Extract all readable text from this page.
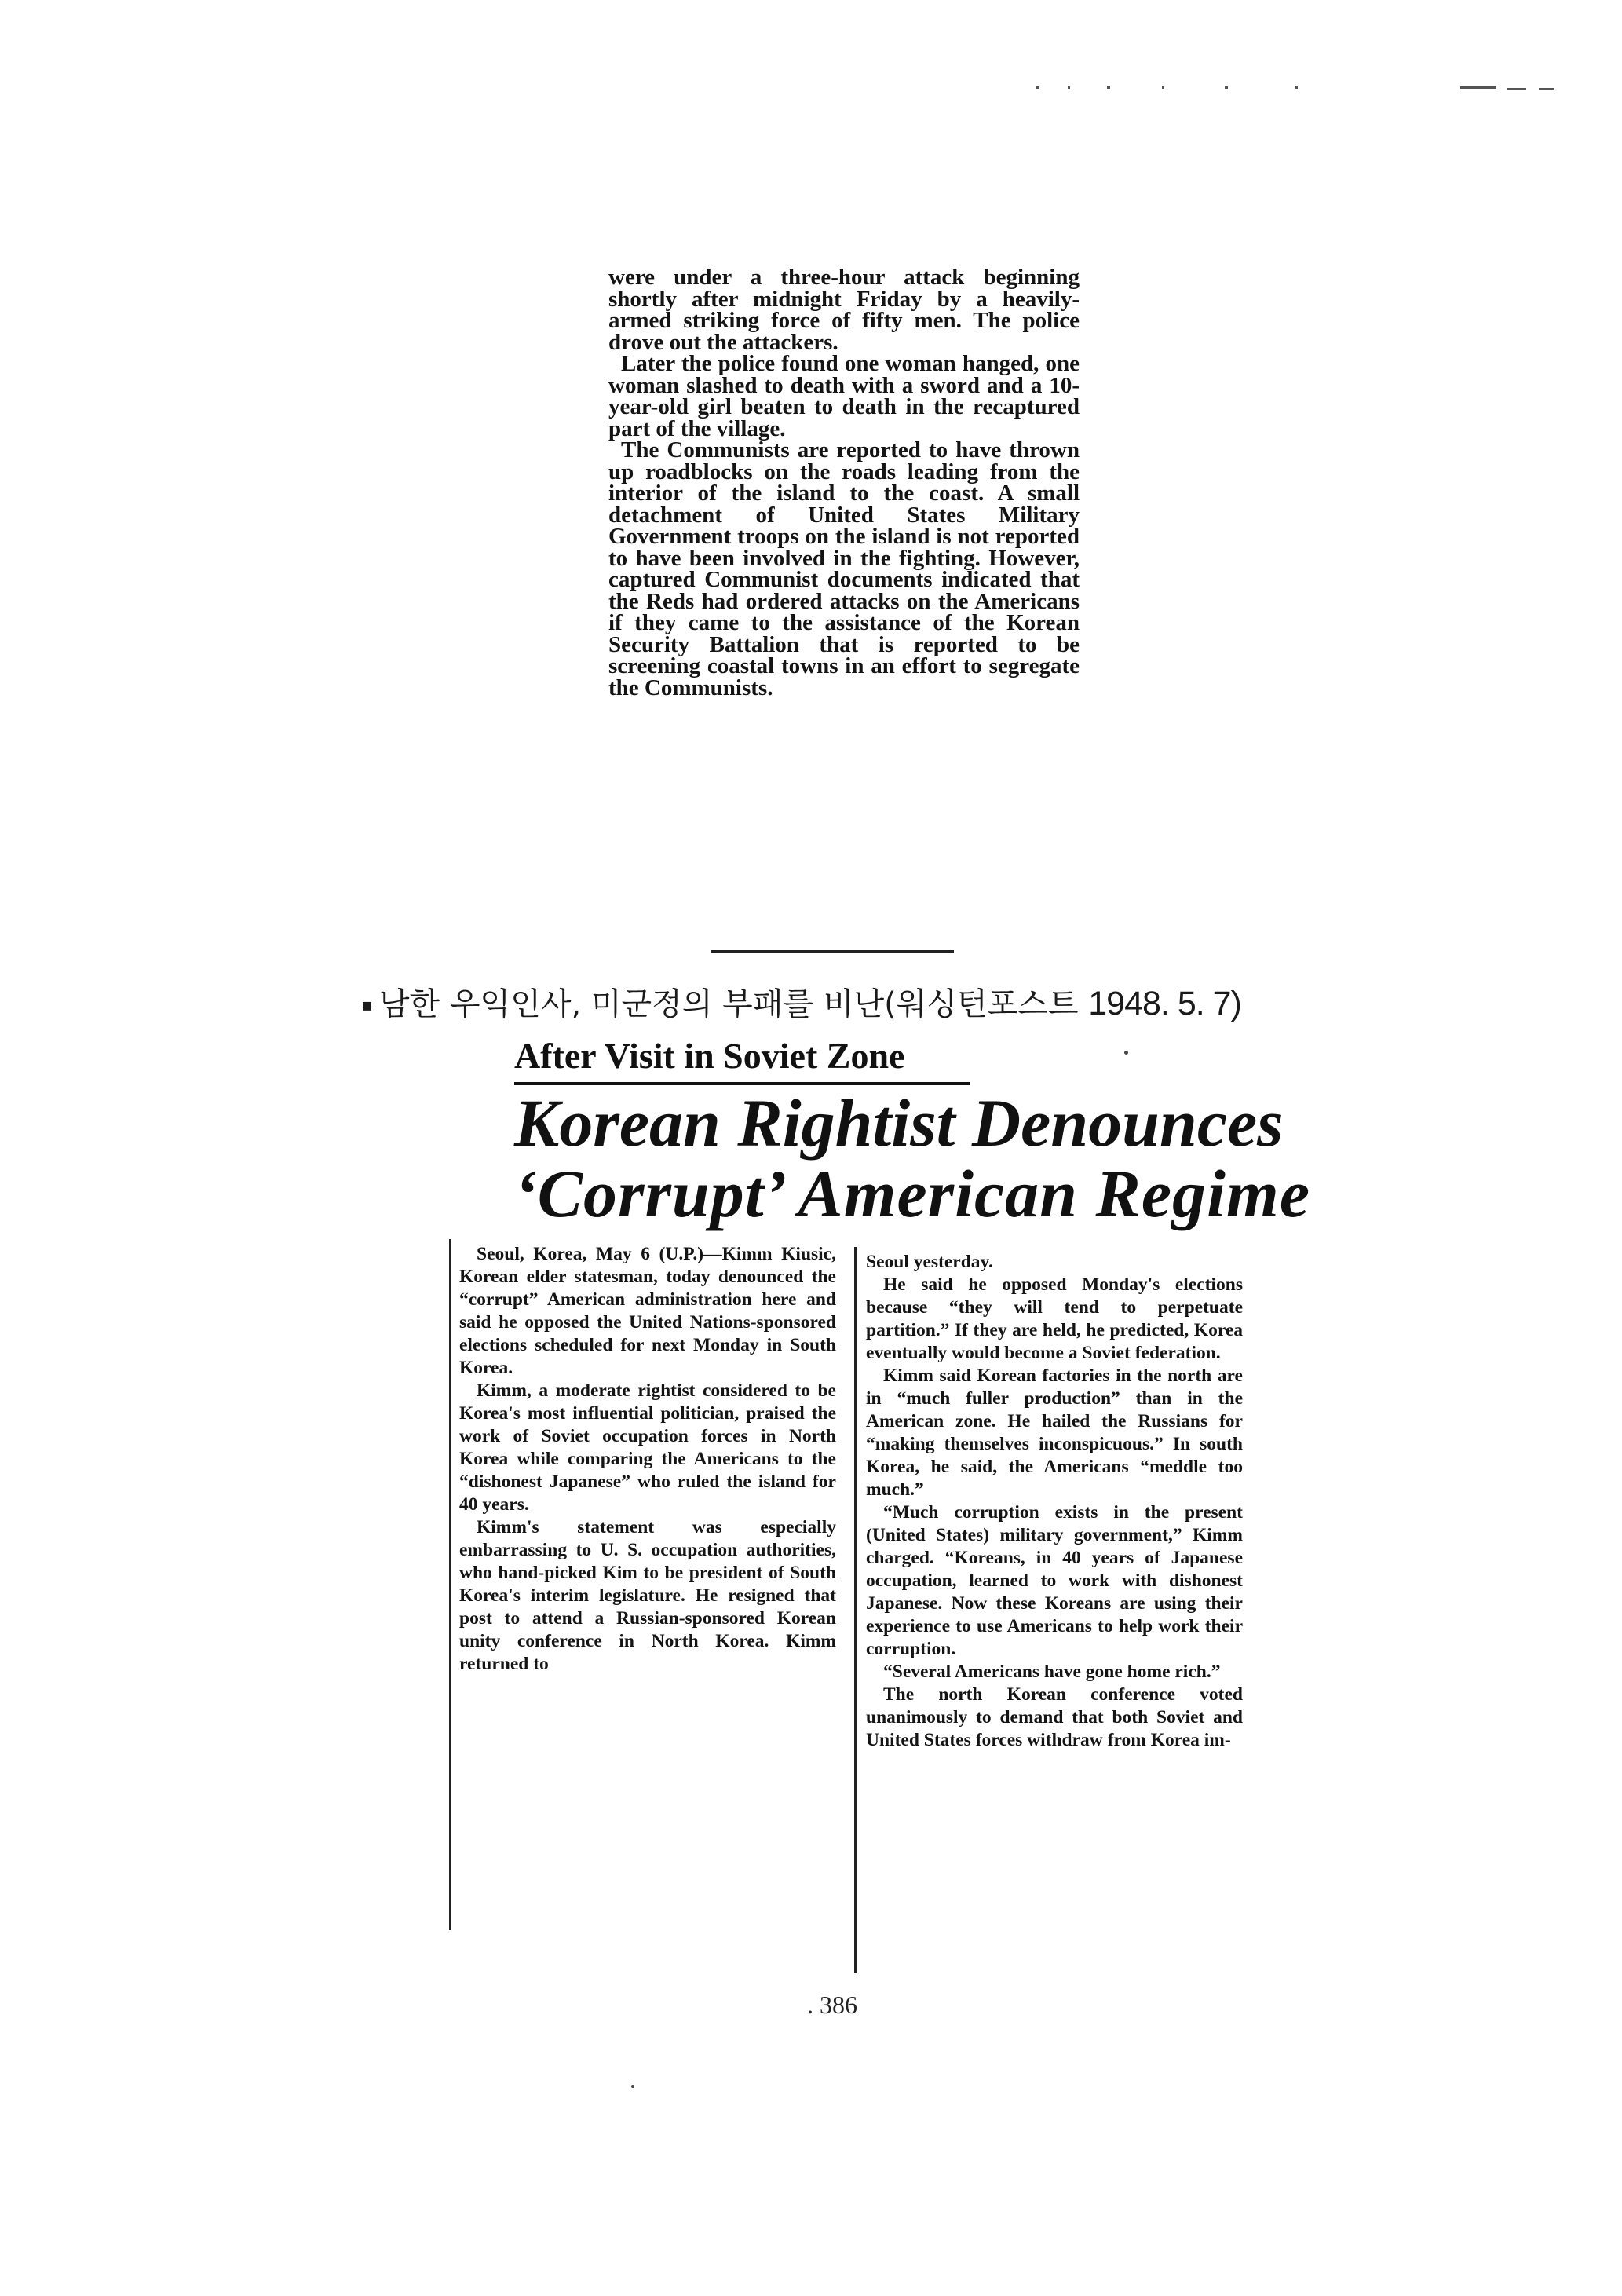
were under a three-hour attack beginning shortly after midnight Friday by a heavily-armed striking force of fifty men. The police drove out the attackers.

Later the police found one woman hanged, one woman slashed to death with a sword and a 10-year-old girl beaten to death in the recaptured part of the village.

The Communists are reported to have thrown up roadblocks on the roads leading from the interior of the island to the coast. A small detachment of United States Military Government troops on the island is not reported to have been involved in the fighting. However, captured Communist documents indicated that the Reds had ordered attacks on the Americans if they came to the assistance of the Korean Security Battalion that is reported to be screening coastal towns in an effort to segregate the Communists.

▪ 남한 우익인사, 미군정의 부패를 비난(워싱턴포스트 1948. 5. 7)
After Visit in Soviet Zone
Korean Rightist Denounces
‘Corrupt’ American Regime

Seoul, Korea, May 6 (U.P.)—Kimm Kiusic, Korean elder statesman, today denounced the “corrupt” American administration here and said he opposed the United Nations-sponsored elections scheduled for next Monday in South Korea.

Kimm, a moderate rightist considered to be Korea's most influential politician, praised the work of Soviet occupation forces in North Korea while comparing the Americans to the “dishonest Japanese” who ruled the island for 40 years.

Kimm's statement was especially embarrassing to U. S. occupation authorities, who hand-picked Kim to be president of South Korea's interim legislature. He resigned that post to attend a Russian-sponsored Korean unity conference in North Korea. Kimm returned to

Seoul yesterday.

He said he opposed Monday's elections because “they will tend to perpetuate partition.” If they are held, he predicted, Korea eventually would become a Soviet federation.

Kimm said Korean factories in the north are in “much fuller production” than in the American zone. He hailed the Russians for “making themselves inconspicuous.” In south Korea, he said, the Americans “meddle too much.”

“Much corruption exists in the present (United States) military government,” Kimm charged. “Koreans, in 40 years of Japanese occupation, learned to work with dishonest Japanese. Now these Koreans are using their experience to use Americans to help work their corruption.

“Several Americans have gone home rich.”

The north Korean conference voted unanimously to demand that both Soviet and United States forces withdraw from Korea im-

. 386
